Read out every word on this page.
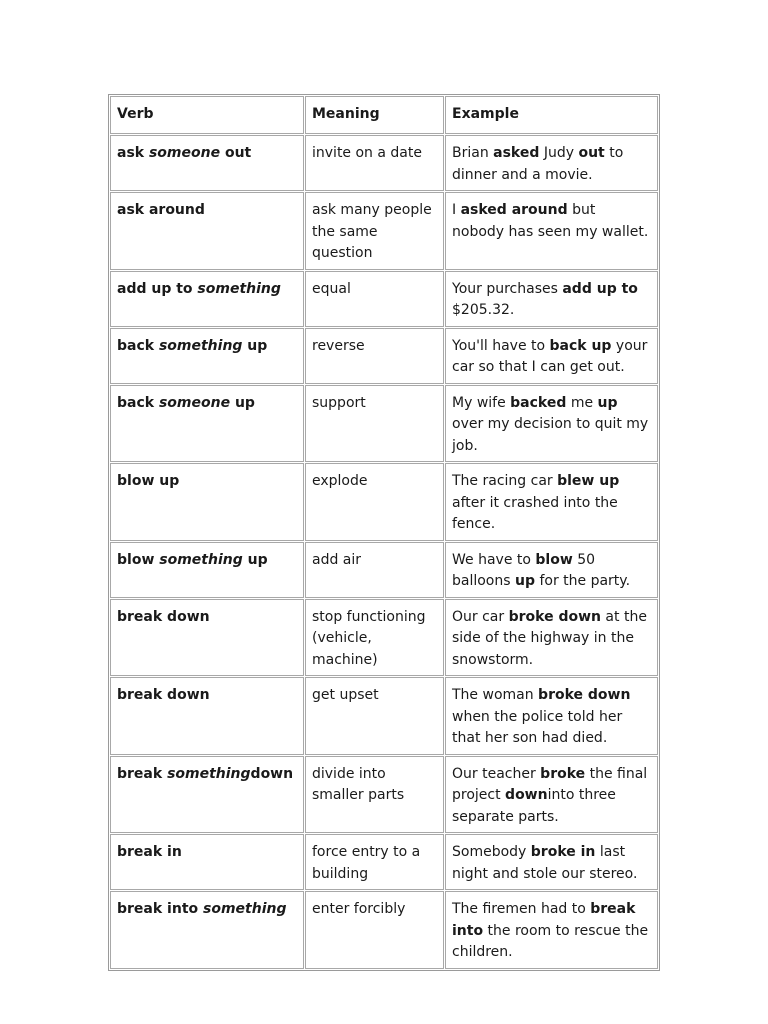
Verb	Meaning	Example
ask someone out	invite on a date	Brian asked Judy out to dinner and a movie.
ask around	ask many people the same question	I asked around but nobody has seen my wallet.
add up to something	equal	Your purchases add up to $205.32.
back something up	reverse	You'll have to back up your car so that I can get out.
back someone up	support	My wife backed me up over my decision to quit my job.
blow up	explode	The racing car blew up after it crashed into the fence.
blow something up	add air	We have to blow 50 balloons up for the party.
break down	stop functioning (vehicle, machine)	Our car broke down at the side of the highway in the snowstorm.
break down	get upset	The woman broke down when the police told her that her son had died.
break somethingdown	divide into smaller parts	Our teacher broke the final project downinto three separate parts.
break in	force entry to a building	Somebody broke in last night and stole our stereo.
break into something	enter forcibly	The firemen had to break into the room to rescue the children.
